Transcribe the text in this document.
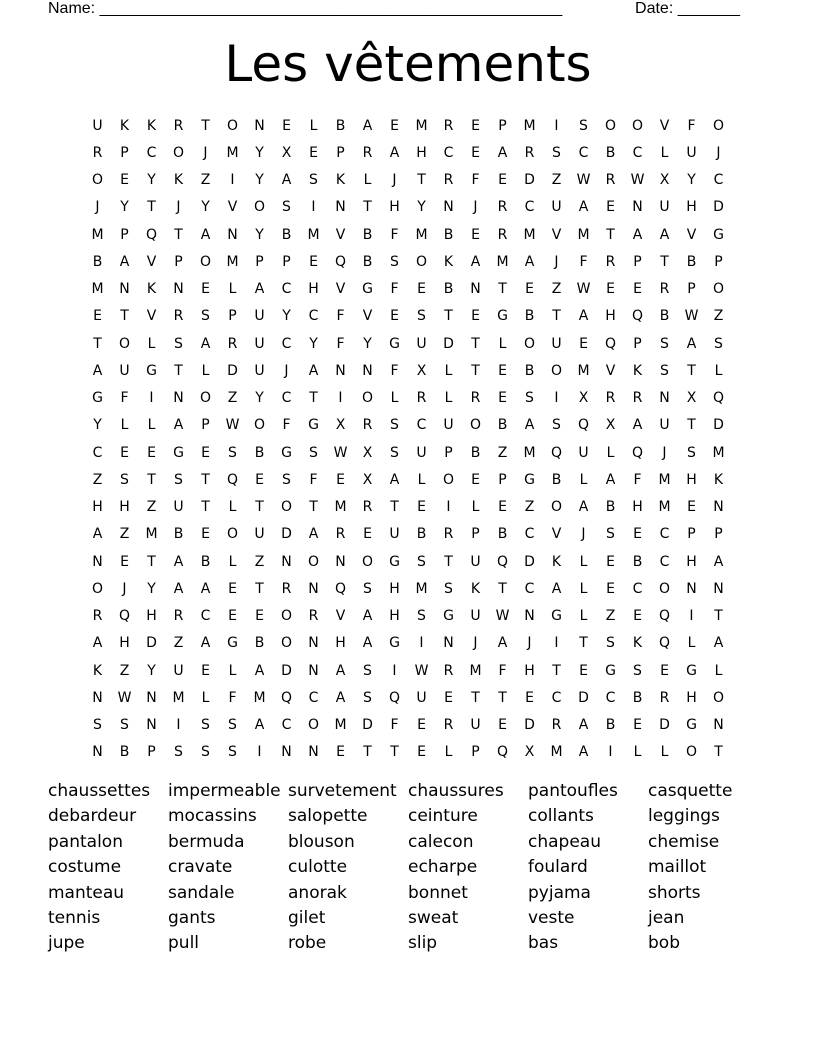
Name: ____________________________________________________	Date: _______
Les vêtements
U	K	K	R	T	O	N	E	L	B	A	E	M	R	E	P	M	I	S	O	O	V	F	O
R	P	C	O	J	M	Y	X	E	P	R	A	H	C	E	A	R	S	C	B	C	L	U	J
O	E	Y	K	Z	I	Y	A	S	K	L	J	T	R	F	E	D	Z	W	R	W	X	Y	C
J	Y	T	J	Y	V	O	S	I	N	T	H	Y	N	J	R	C	U	A	E	N	U	H	D
M	P	Q	T	A	N	Y	B	M	V	B	F	M	B	E	R	M	V	M	T	A	A	V	G
B	A	V	P	O	M	P	P	E	Q	B	S	O	K	A	M	A	J	F	R	P	T	B	P
M	N	K	N	E	L	A	C	H	V	G	F	E	B	N	T	E	Z	W	E	E	R	P	O
E	T	V	R	S	P	U	Y	C	F	V	E	S	T	E	G	B	T	A	H	Q	B	W	Z
T	O	L	S	A	R	U	C	Y	F	Y	G	U	D	T	L	O	U	E	Q	P	S	A	S
A	U	G	T	L	D	U	J	A	N	N	F	X	L	T	E	B	O	M	V	K	S	T	L
G	F	I	N	O	Z	Y	C	T	I	O	L	R	L	R	E	S	I	X	R	R	N	X	Q
Y	L	L	A	P	W	O	F	G	X	R	S	C	U	O	B	A	S	Q	X	A	U	T	D
C	E	E	G	E	S	B	G	S	W	X	S	U	P	B	Z	M	Q	U	L	Q	J	S	M
Z	S	T	S	T	Q	E	S	F	E	X	A	L	O	E	P	G	B	L	A	F	M	H	K
H	H	Z	U	T	L	T	O	T	M	R	T	E	I	L	E	Z	O	A	B	H	M	E	N
A	Z	M	B	E	O	U	D	A	R	E	U	B	R	P	B	C	V	J	S	E	C	P	P
N	E	T	A	B	L	Z	N	O	N	O	G	S	T	U	Q	D	K	L	E	B	C	H	A
O	J	Y	A	A	E	T	R	N	Q	S	H	M	S	K	T	C	A	L	E	C	O	N	N
R	Q	H	R	C	E	E	O	R	V	A	H	S	G	U	W	N	G	L	Z	E	Q	I	T
A	H	D	Z	A	G	B	O	N	H	A	G	I	N	J	A	J	I	T	S	K	Q	L	A
K	Z	Y	U	E	L	A	D	N	A	S	I	W	R	M	F	H	T	E	G	S	E	G	L
N	W	N	M	L	F	M	Q	C	A	S	Q	U	E	T	T	E	C	D	C	B	R	H	O
S	S	N	I	S	S	A	C	O	M	D	F	E	R	U	E	D	R	A	B	E	D	G	N
N	B	P	S	S	S	I	N	N	E	T	T	E	L	P	Q	X	M	A	I	L	L	O	T
chaussettes	impermeable survetement chaussures	pantoufles	casquette
debardeur	mocassins	salopette	ceinture	collants	leggings
pantalon	bermuda	blouson	calecon	chapeau	chemise
costume	cravate	culotte	echarpe	foulard	maillot
manteau	sandale	anorak	bonnet	pyjama	shorts
tennis	gants	gilet	sweat	veste	jean
jupe	pull	robe	slip	bas	bob
